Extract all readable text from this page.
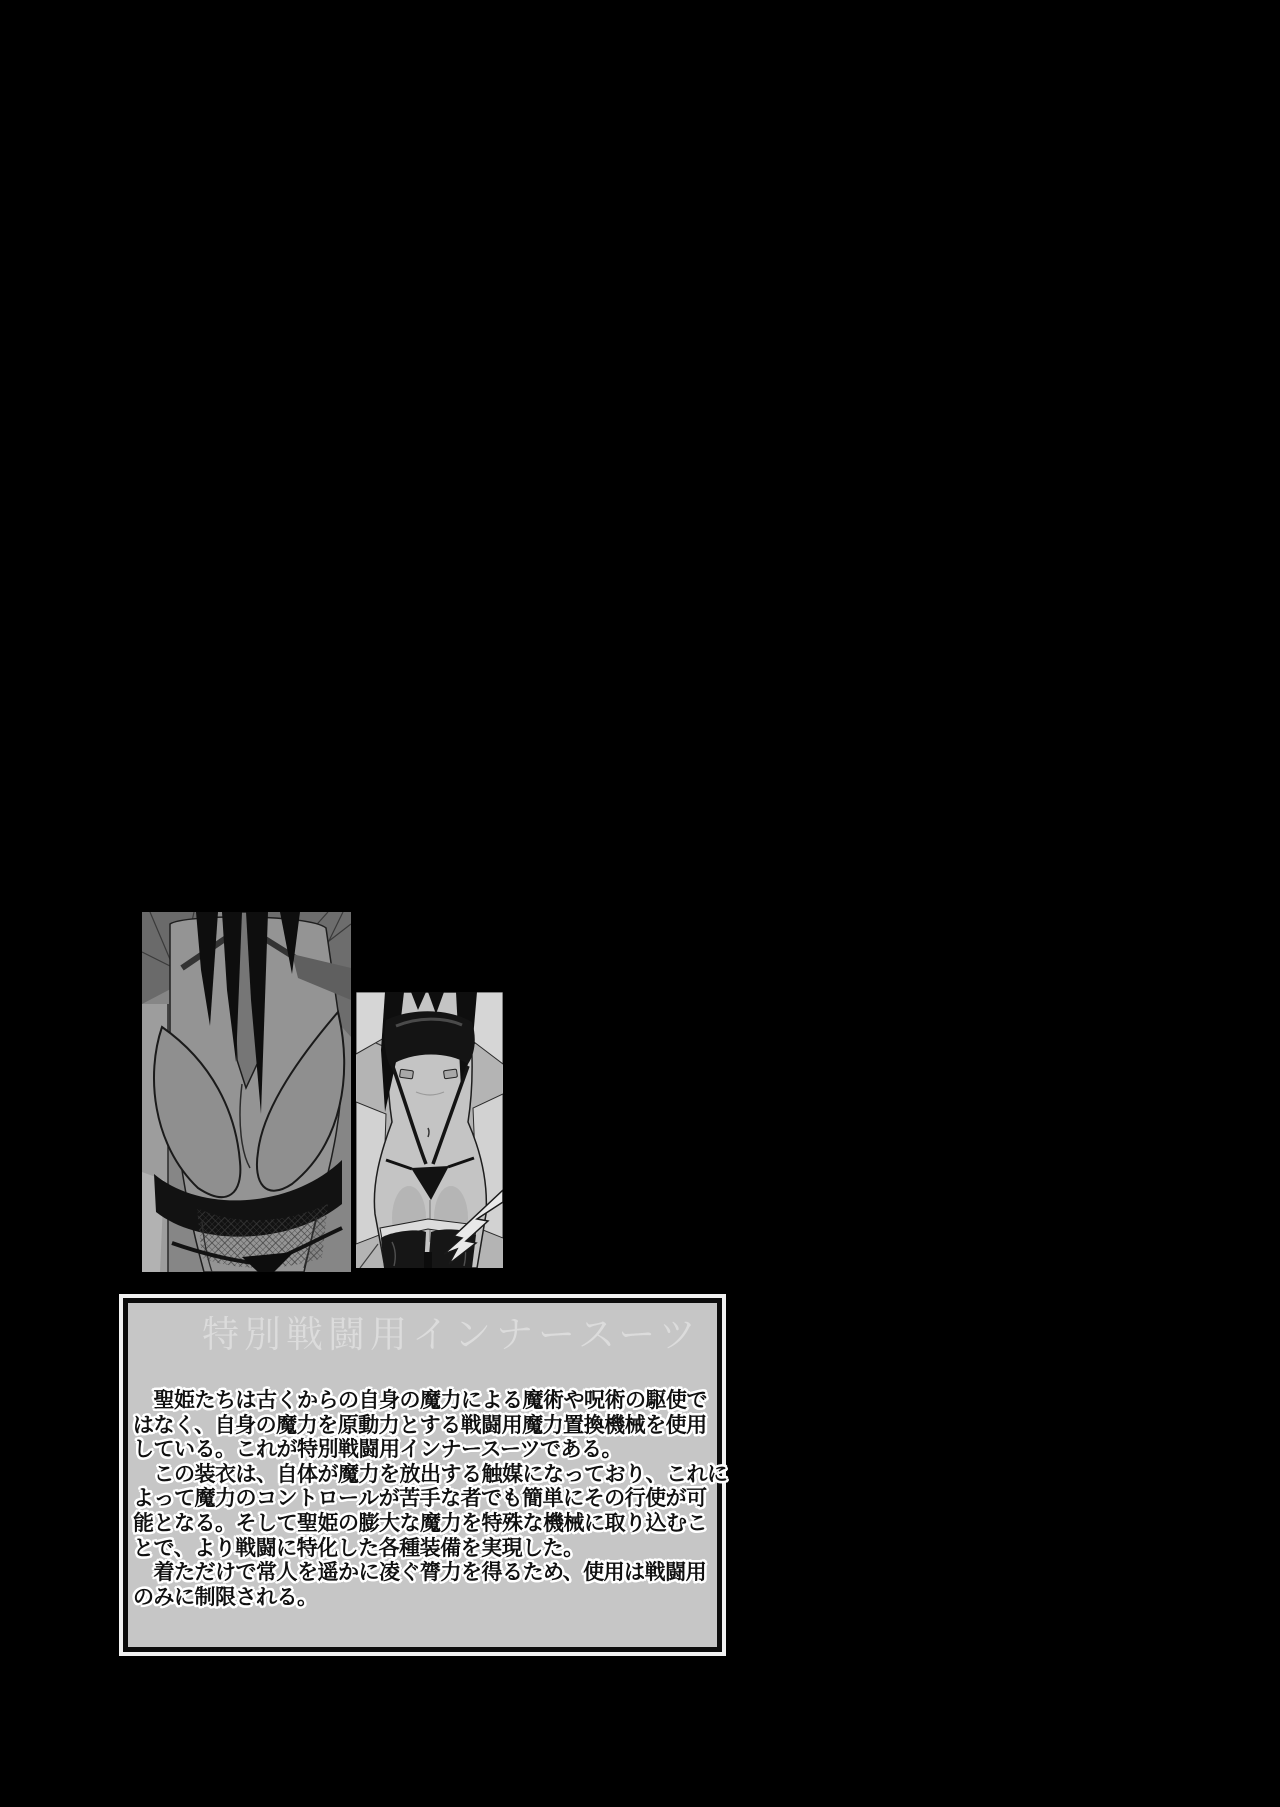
特別戦闘用インナースーツ
　聖姫たちは古くからの自身の魔力による魔術や呪術の駆使で
はなく、自身の魔力を原動力とする戦闘用魔力置換機械を使用
している。これが特別戦闘用インナースーツである。
　この装衣は、自体が魔力を放出する触媒になっており、これに
よって魔力のコントロールが苦手な者でも簡単にその行使が可
能となる。そして聖姫の膨大な魔力を特殊な機械に取り込むこ
とで、より戦闘に特化した各種装備を実現した。
　着ただけで常人を遥かに凌ぐ膂力を得るため、使用は戦闘用
のみに制限される。
